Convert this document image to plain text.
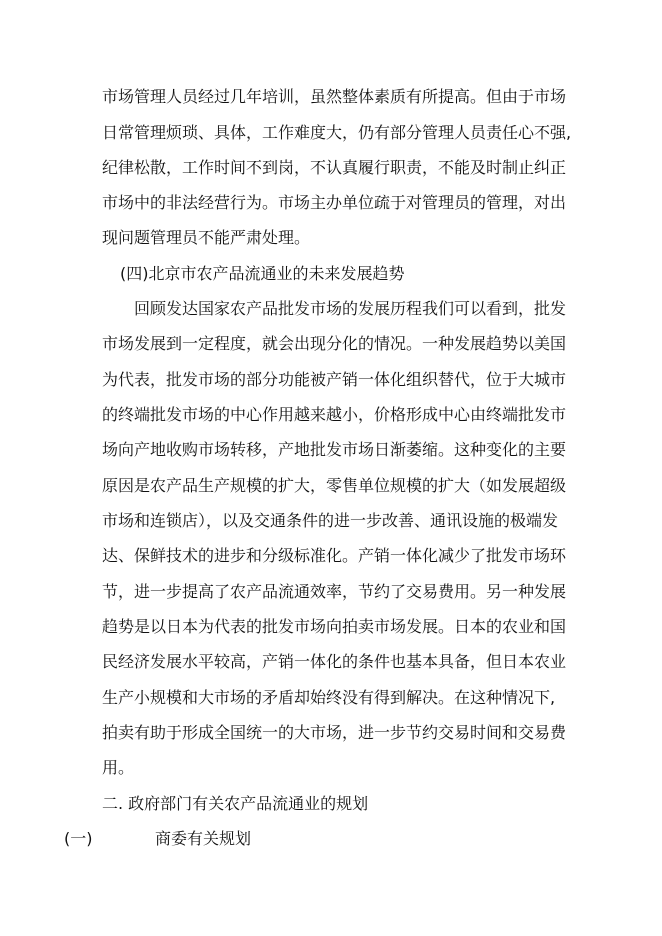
市场管理人员经过几年培训，虽然整体素质有所提高。但由于市场
日常管理烦琐、具体，工作难度大，仍有部分管理人员责任心不强,
纪律松散，工作时间不到岗，不认真履行职责，不能及时制止纠正
市场中的非法经营行为。市场主办单位疏于对管理员的管理，对出
现问题管理员不能严肃处理。
(四)北京市农产品流通业的未来发展趋势
回顾发达国家农产品批发市场的发展历程我们可以看到，批发
市场发展到一定程度，就会出现分化的情况。一种发展趋势以美国
为代表，批发市场的部分功能被产销一体化组织替代，位于大城市
的终端批发市场的中心作用越来越小，价格形成中心由终端批发市
场向产地收购市场转移，产地批发市场日渐萎缩。这种变化的主要
原因是农产品生产规模的扩大，零售单位规模的扩大（如发展超级
市场和连锁店），以及交通条件的进一步改善、通讯设施的极端发
达、保鲜技术的进步和分级标准化。产销一体化减少了批发市场环
节，进一步提高了农产品流通效率，节约了交易费用。另一种发展
趋势是以日本为代表的批发市场向拍卖市场发展。日本的农业和国
民经济发展水平较高，产销一体化的条件也基本具备，但日本农业
生产小规模和大市场的矛盾却始终没有得到解决。在这种情况下,
拍卖有助于形成全国统一的大市场，进一步节约交易时间和交易费
用。
二. 政府部门有关农产品流通业的规划
(一)	商委有关规划
